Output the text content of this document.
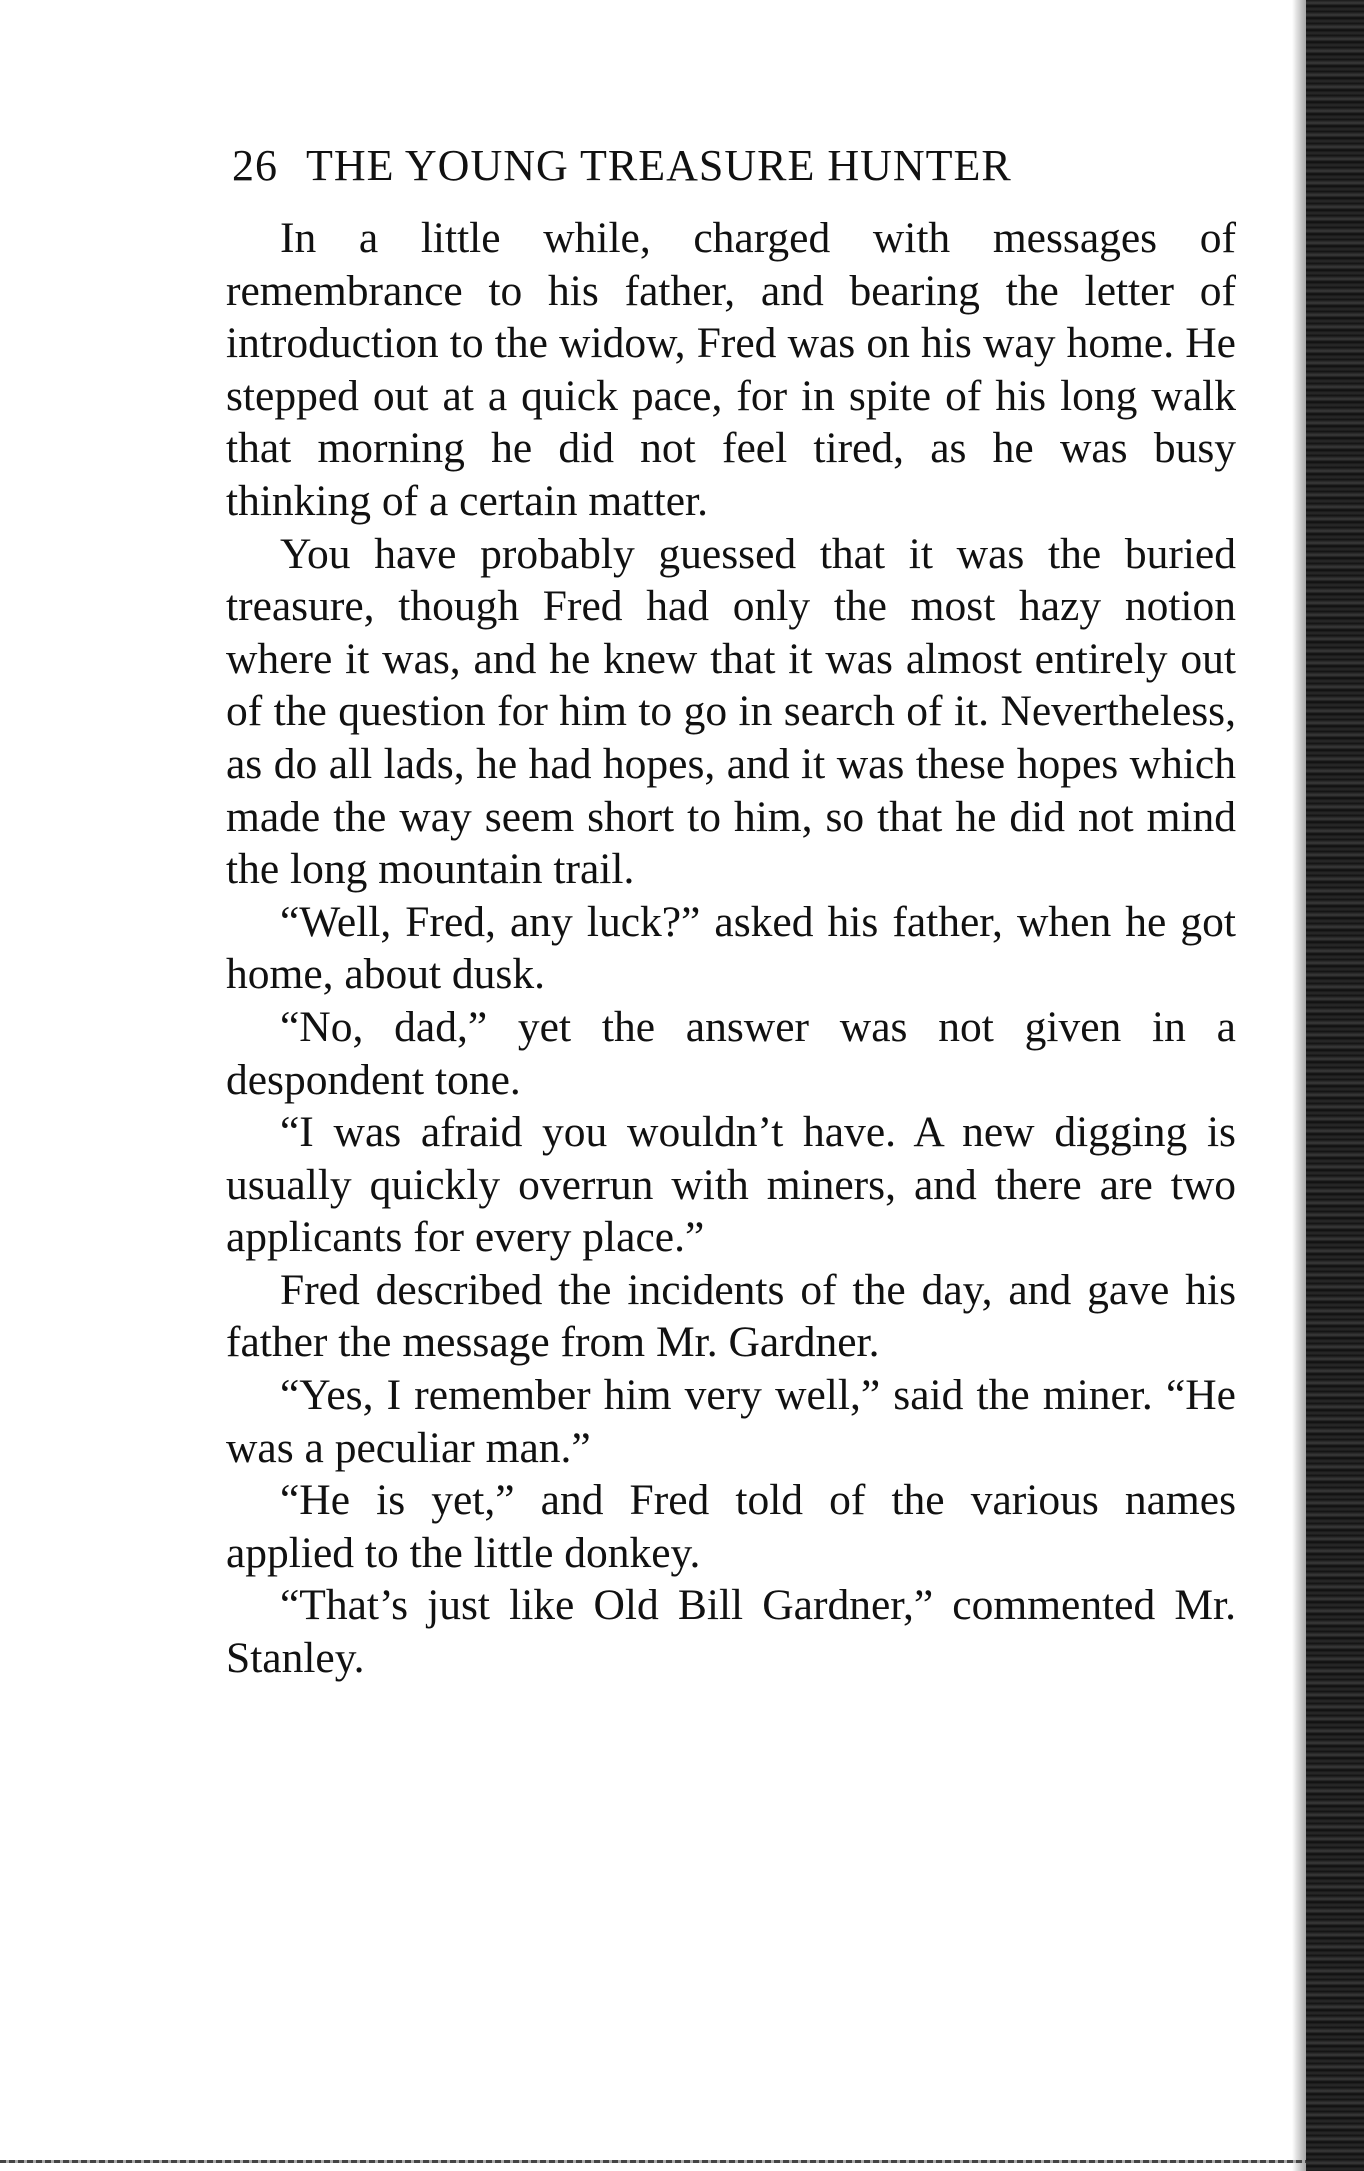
26 THE YOUNG TREASURE HUNTER

In a little while, charged with messages of remembrance to his father, and bearing the letter of introduction to the widow, Fred was on his way home. He stepped out at a quick pace, for in spite of his long walk that morning he did not feel tired, as he was busy thinking of a certain matter.

You have probably guessed that it was the buried treasure, though Fred had only the most hazy notion where it was, and he knew that it was almost entirely out of the question for him to go in search of it. Nevertheless, as do all lads, he had hopes, and it was these hopes which made the way seem short to him, so that he did not mind the long mountain trail.

“Well, Fred, any luck?” asked his father, when he got home, about dusk.

“No, dad,” yet the answer was not given in a despondent tone.

“I was afraid you wouldn’t have. A new digging is usually quickly overrun with miners, and there are two applicants for every place.”

Fred described the incidents of the day, and gave his father the message from Mr. Gardner.

“Yes, I remember him very well,” said the miner. “He was a peculiar man.”

“He is yet,” and Fred told of the various names applied to the little donkey.

“That’s just like Old Bill Gardner,” commented Mr. Stanley.
